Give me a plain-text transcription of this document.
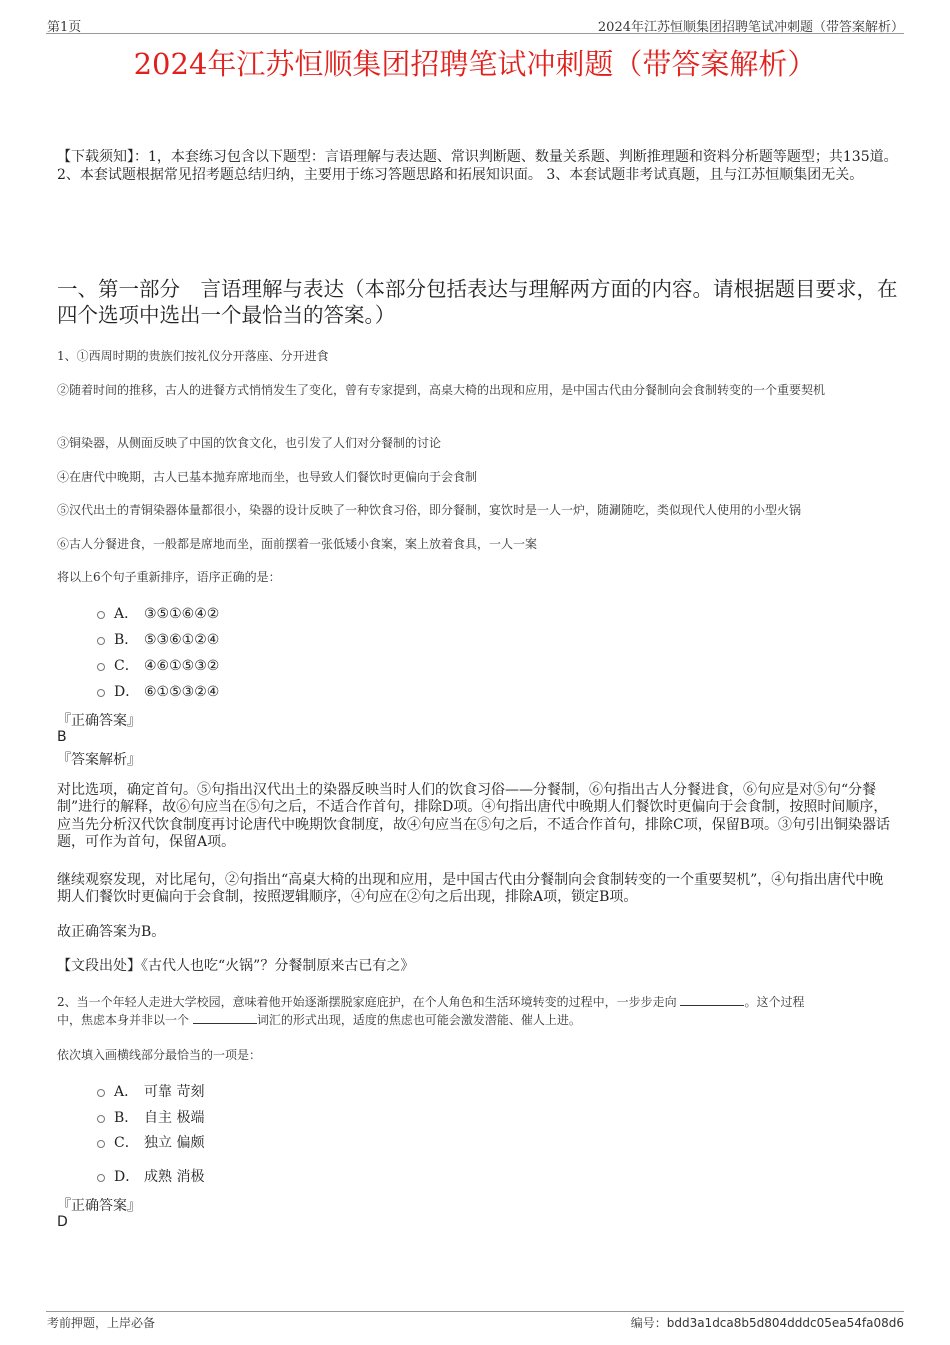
第1页	2024年江苏恒顺集团招聘笔试冲刺题（带答案解析）
2024年江苏恒顺集团招聘笔试冲刺题（带答案解析）
【下载须知】：1，本套练习包含以下题型：言语理解与表达题、常识判断题、数量关系题、判断推理题和资料分析题等题型；共135道。 2、本套试题根据常见招考题总结归纳，主要用于练习答题思路和拓展知识面。 3、本套试题非考试真题，且与江苏恒顺集团无关。
一、第一部分　言语理解与表达（本部分包括表达与理解两方面的内容。请根据题目要求，在四个选项中选出一个最恰当的答案。）
1、①西周时期的贵族们按礼仪分开落座、分开进食
②随着时间的推移，古人的进餐方式悄悄发生了变化，曾有专家提到，高桌大椅的出现和应用，是中国古代由分餐制向会食制转变的一个重要契机
③铜染器，从侧面反映了中国的饮食文化，也引发了人们对分餐制的讨论
④在唐代中晚期，古人已基本抛弃席地而坐，也导致人们餐饮时更偏向于会食制
⑤汉代出土的青铜染器体量都很小，染器的设计反映了一种饮食习俗，即分餐制，宴饮时是一人一炉，随涮随吃，类似现代人使用的小型火锅
⑥古人分餐进食，一般都是席地而坐，面前摆着一张低矮小食案，案上放着食具，一人一案
将以上6个句子重新排序，语序正确的是：
A． ③⑤①⑥④②
B． ⑤③⑥①②④
C． ④⑥①⑤③②
D． ⑥①⑤③②④
『正确答案』
B
『答案解析』
对比选项，确定首句。⑤句指出汉代出土的染器反映当时人们的饮食习俗——分餐制，⑥句指出古人分餐进食，⑥句应是对⑤句“分餐制”进行的解释，故⑥句应当在⑤句之后，不适合作首句，排除D项。④句指出唐代中晚期人们餐饮时更偏向于会食制，按照时间顺序，应当先分析汉代饮食制度再讨论唐代中晚期饮食制度，故④句应当在⑤句之后，不适合作首句，排除C项，保留B项。③句引出铜染器话题，可作为首句，保留A项。
继续观察发现，对比尾句，②句指出“高桌大椅的出现和应用，是中国古代由分餐制向会食制转变的一个重要契机”，④句指出唐代中晚期人们餐饮时更偏向于会食制，按照逻辑顺序，④句应在②句之后出现，排除A项，锁定B项。
故正确答案为B。
【文段出处】《古代人也吃“火锅”？分餐制原来古已有之》
2、当一个年轻人走进大学校园，意味着他开始逐渐摆脱家庭庇护，在个人角色和生活环境转变的过程中，一步步走向	。这个过程
中，焦虑本身并非以一个	词汇的形式出现，适度的焦虑也可能会激发潜能、催人上进。
依次填入画横线部分最恰当的一项是：
A． 可靠 苛刻
B． 自主 极端
C． 独立 偏颇
D． 成熟 消极
『正确答案』
D
考前押题，上岸必备	编号：bdd3a1dca8b5d804dddc05ea54fa08d6
